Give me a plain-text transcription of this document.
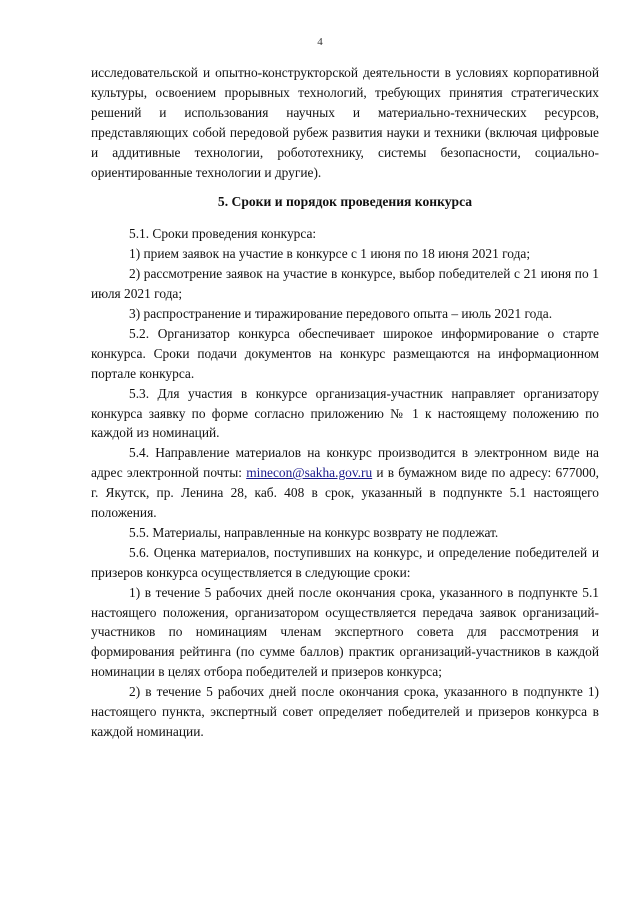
4

исследовательской и опытно-конструкторской деятельности в условиях корпоративной культуры, освоением прорывных технологий, требующих принятия стратегических решений и использования научных и материально-технических ресурсов, представляющих собой передовой рубеж развития науки и техники (включая цифровые и аддитивные технологии, робототехнику, системы безопасности, социально-ориентированные технологии и другие).

5. Сроки и порядок проведения конкурса

5.1. Сроки проведения конкурса:

1) прием заявок на участие в конкурсе с 1 июня по 18 июня 2021 года;

2) рассмотрение заявок на участие в конкурсе, выбор победителей с 21 июня по 1 июля 2021 года;

3) распространение и тиражирование передового опыта – июль 2021 года.

5.2. Организатор конкурса обеспечивает широкое информирование о старте конкурса. Сроки подачи документов на конкурс размещаются на информационном портале конкурса.

5.3. Для участия в конкурсе организация-участник направляет организатору конкурса заявку по форме согласно приложению № 1 к настоящему положению по каждой из номинаций.

5.4. Направление материалов на конкурс производится в электронном виде на адрес электронной почты: minecon@sakha.gov.ru и в бумажном виде по адресу: 677000, г. Якутск, пр. Ленина 28, каб. 408 в срок, указанный в подпункте 5.1 настоящего положения.

5.5. Материалы, направленные на конкурс возврату не подлежат.

5.6. Оценка материалов, поступивших на конкурс, и определение победителей и призеров конкурса осуществляется в следующие сроки:

1) в течение 5 рабочих дней после окончания срока, указанного в подпункте 5.1 настоящего положения, организатором осуществляется передача заявок организаций-участников по номинациям членам экспертного совета для рассмотрения и формирования рейтинга (по сумме баллов) практик организаций-участников в каждой номинации в целях отбора победителей и призеров конкурса;

2) в течение 5 рабочих дней после окончания срока, указанного в подпункте 1) настоящего пункта, экспертный совет определяет победителей и призеров конкурса в каждой номинации.
